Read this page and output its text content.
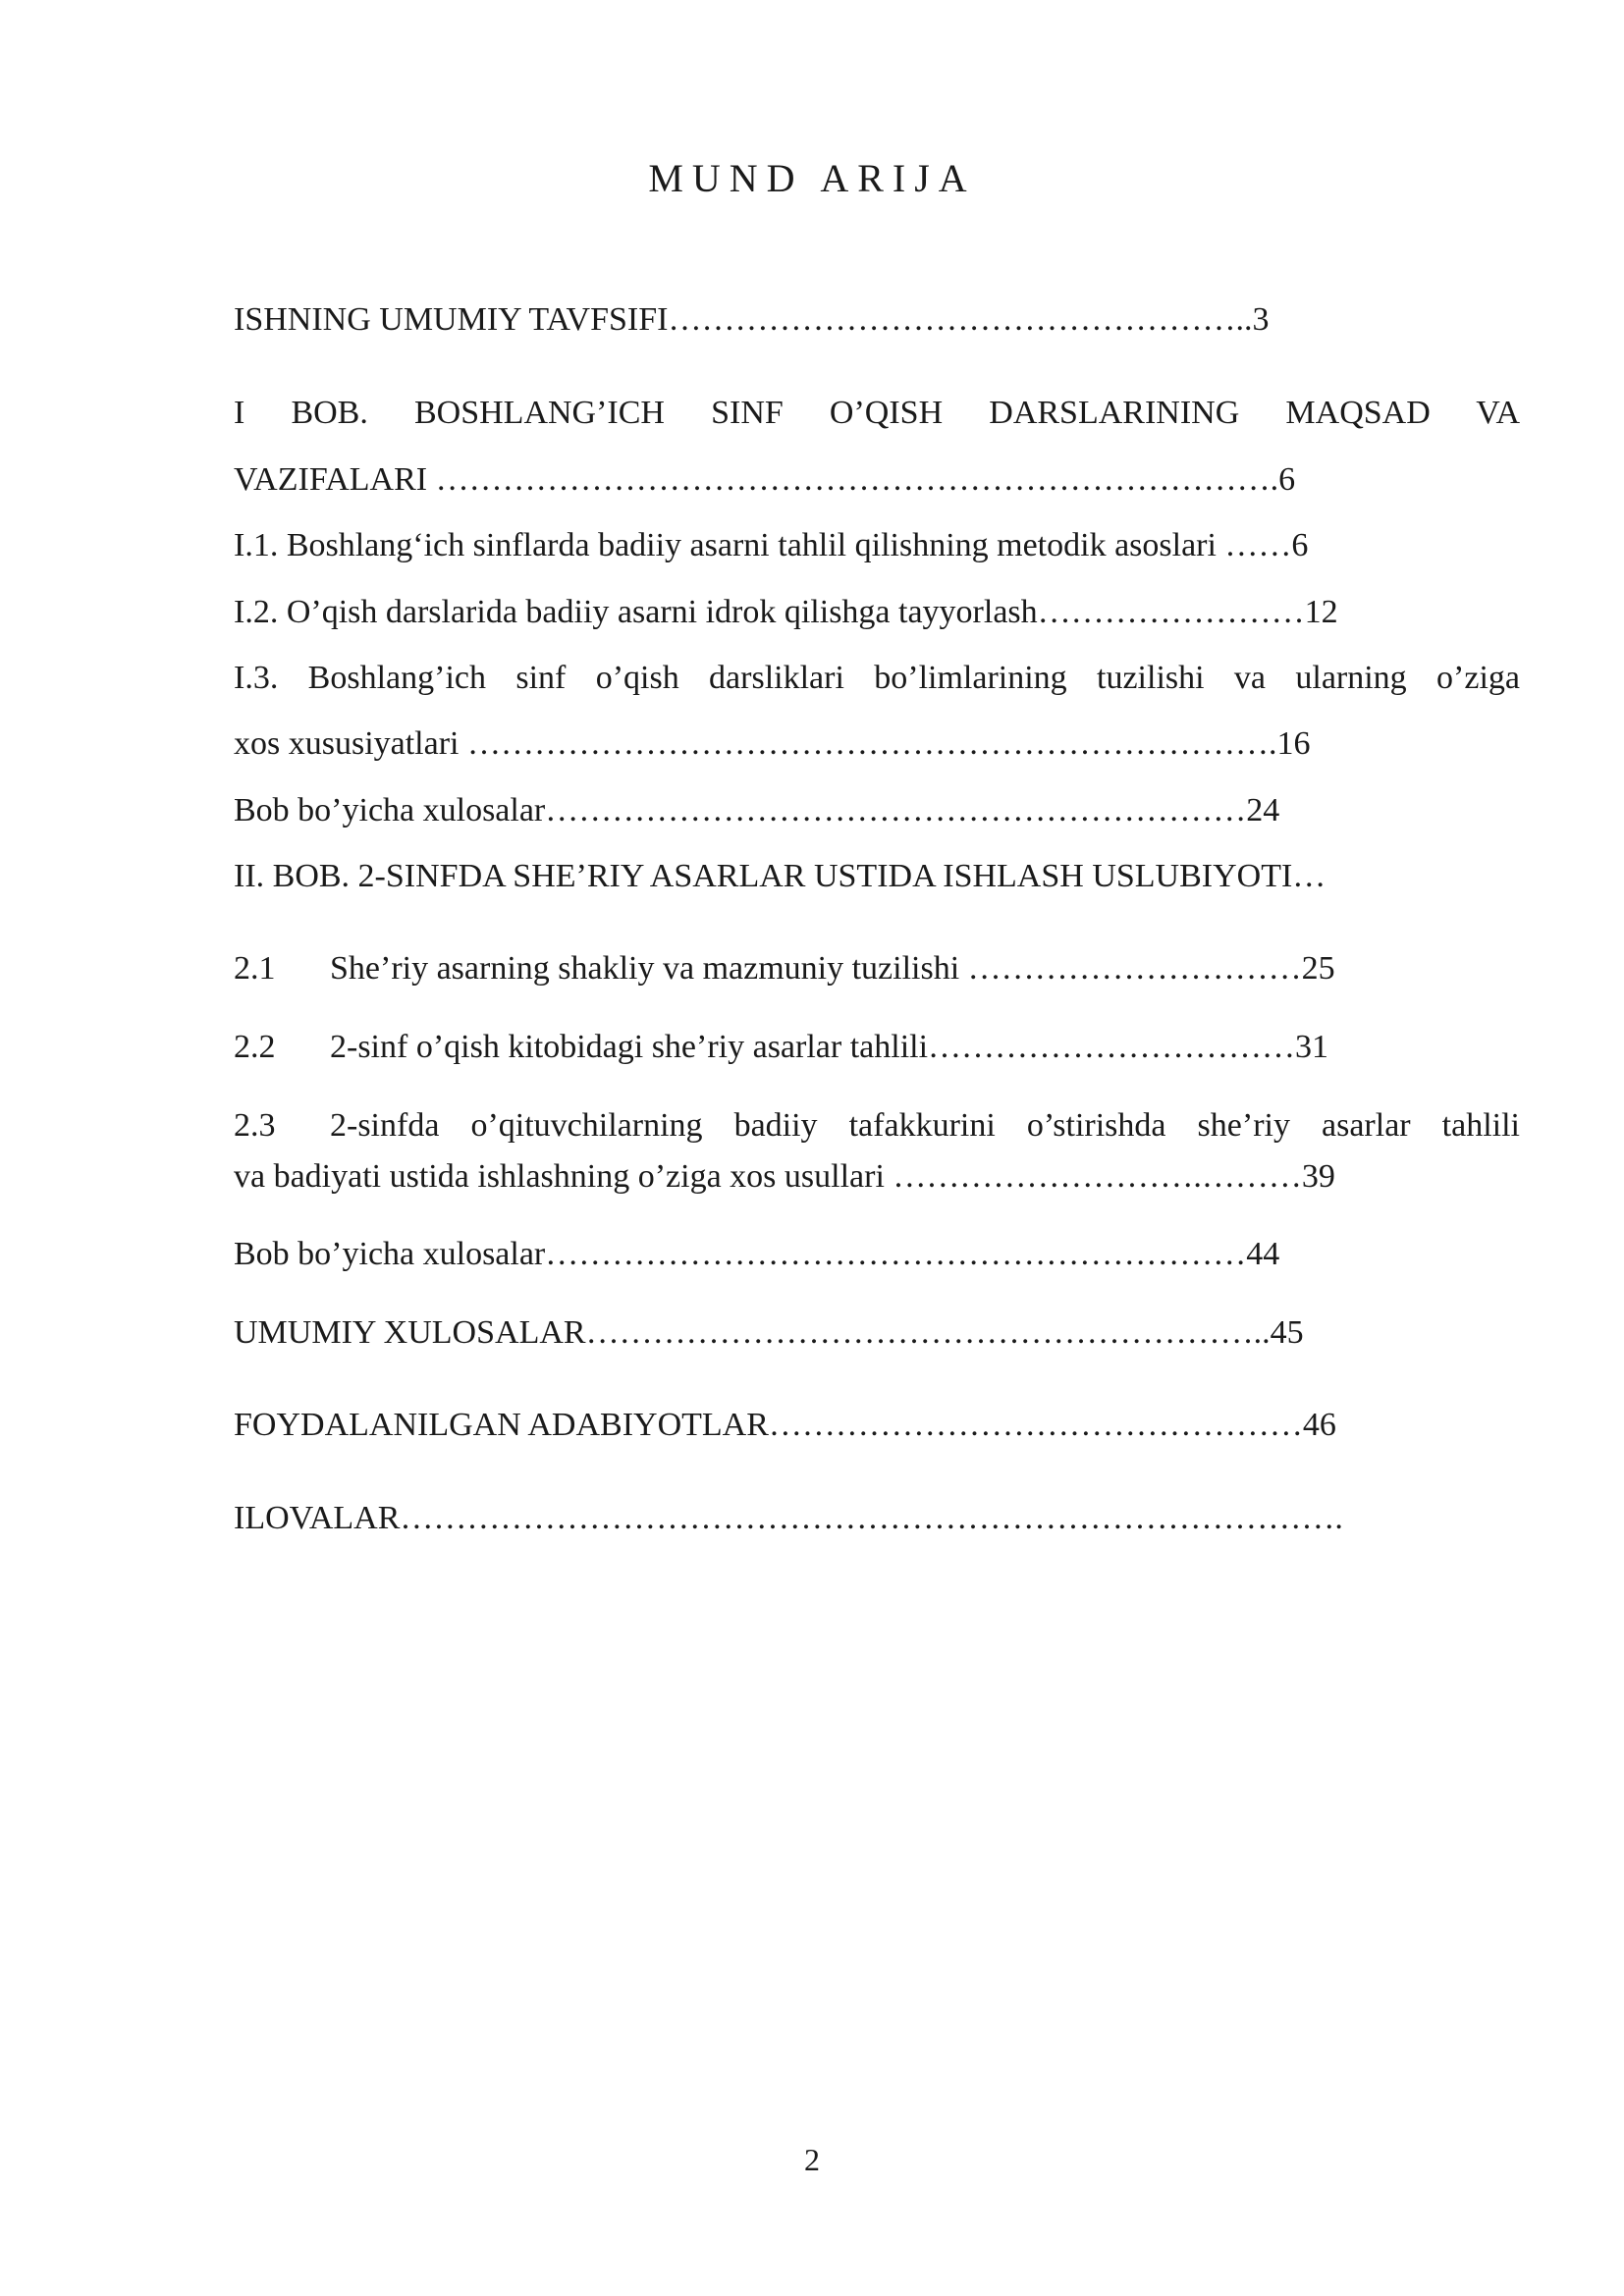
MUND ARIJA
ISHNING UMUMIY TAVFSIFI……………………………………………..3
I BOB. BOSHLANG’ICH SINF O’QISH DARSLARINING MAQSAD VA
VAZIFALARI ………………………………………………………………….6
I.1. Boshlang‘ich sinflarda badiiy asarni tahlil qilishning metodik asoslari ……6
I.2. O’qish darslarida badiiy asarni idrok qilishga tayyorlash……………………12
I.3. Boshlang’ich sinf o’qish darsliklari bo’limlarining tuzilishi va ularning o’ziga
xos xususiyatlari ……………………………………………………………….16
Bob bo’yicha xulosalar………………………………………………………24
II. BOB. 2-SINFDA SHE’RIY ASARLAR USTIDA ISHLASH USLUBIYOTI…
2.1 She’riy asarning shakliy va mazmuniy tuzilishi …………………………25
2.2 2-sinf o’qish kitobidagi she’riy asarlar tahlili……………………………31
2.3 2-sinfda o’qituvchilarning badiiy tafakkurini o’stirishda she’riy asarlar tahlili
va badiyati ustida ishlashning o’ziga xos usullari ……………………….………39
Bob bo’yicha xulosalar………………………………………………………44
UMUMIY XULOSALAR……………………………………………………..45
FOYDALANILGAN ADABIYOTLAR…………………………………………46
ILOVALAR………………………………………………………………………….
2
